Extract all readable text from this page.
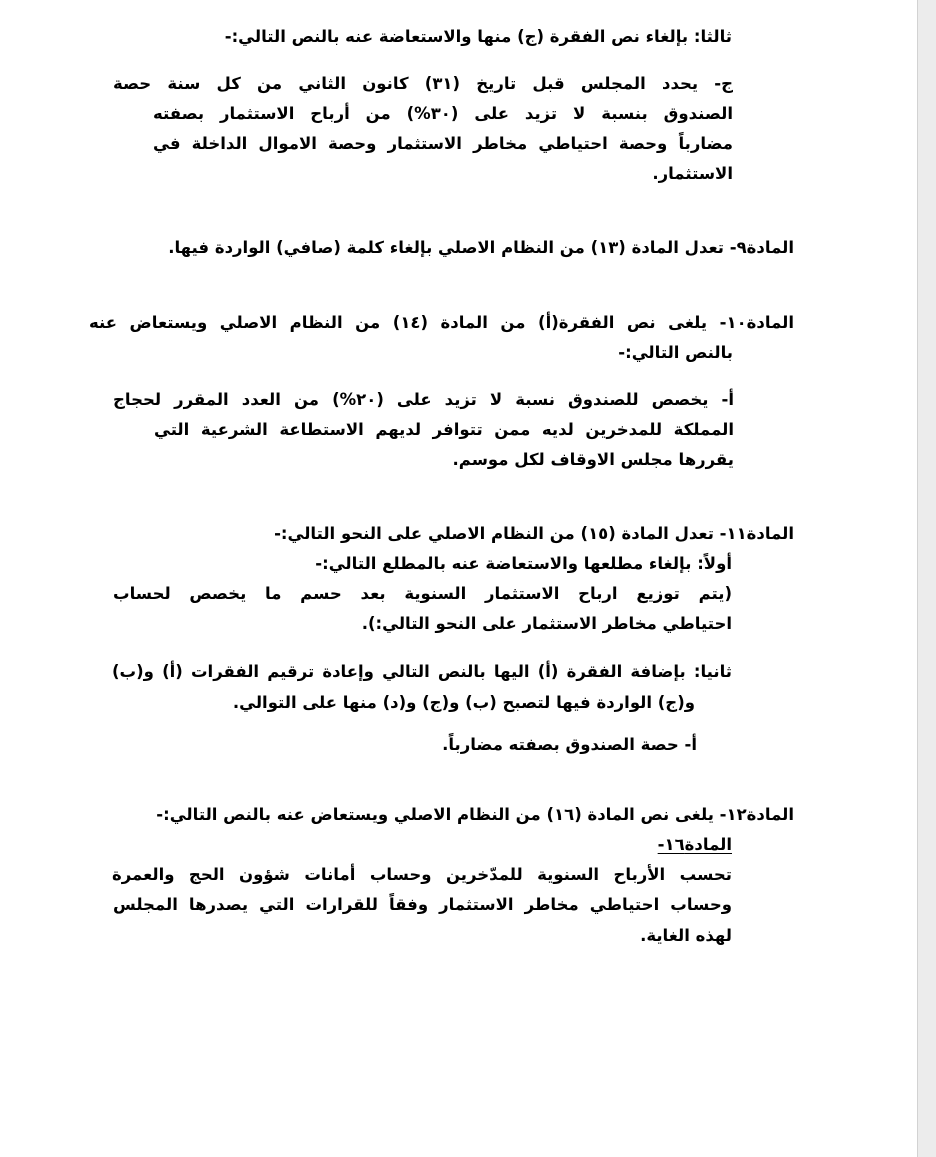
ثالثا: بإلغاء نص الفقرة (ج) منها والاستعاضة عنه بالنص التالي:-
ج- يحدد المجلس قبل تاريخ (٣١) كانون الثاني من كل سنة حصة
الصندوق بنسبة لا تزيد على (٣٠%) من أرباح الاستثمار بصفته
مضارباً وحصة احتياطي مخاطر الاستثمار وحصة الاموال الداخلة في
الاستثمار.
المادة٩- تعدل المادة (١٣) من النظام الاصلي بإلغاء كلمة (صافي) الواردة فيها.
المادة١٠- يلغى نص الفقرة(أ) من المادة (١٤) من النظام الاصلي ويستعاض عنه
بالنص التالي:-
أ- يخصص للصندوق نسبة لا تزيد على (٢٠%) من العدد المقرر لحجاج
المملكة للمدخرين لديه ممن تتوافر لديهم الاستطاعة الشرعية التي
يقررها مجلس الاوقاف لكل موسم.
المادة١١- تعدل المادة (١٥) من النظام الاصلي على النحو التالي:-
أولاً: بإلغاء مطلعها والاستعاضة عنه بالمطلع التالي:-
(يتم توزيع ارباح الاستثمار السنوية بعد حسم ما يخصص لحساب
احتياطي مخاطر الاستثمار على النحو التالي:).
ثانيا: بإضافة الفقرة (أ) اليها بالنص التالي وإعادة ترقيم الفقرات (أ) و(ب)
و(ج) الواردة فيها لتصبح (ب) و(ج) و(د) منها على التوالي.
أ- حصة الصندوق بصفته مضارباً.
المادة١٢- يلغى نص المادة (١٦) من النظام الاصلي ويستعاض عنه بالنص التالي:-
المادة١٦-
تحسب الأرباح السنوية للمدّخرين وحساب أمانات شؤون الحج والعمرة
وحساب احتياطي مخاطر الاستثمار وفقاً للقرارات التي يصدرها المجلس
لهذه الغاية.
